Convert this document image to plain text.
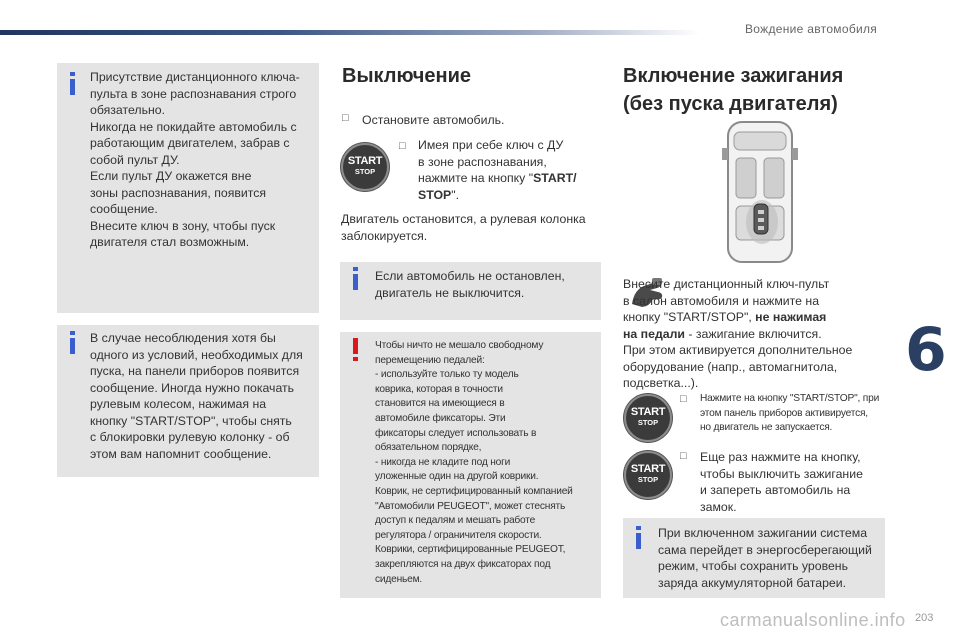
Вождение автомобиля
6
Присутствие дистанционного ключа-
пульта в зоне распознавания строго
обязательно.
Никогда не покидайте автомобиль с
работающим двигателем, забрав с
собой пульт ДУ.
Если пульт ДУ окажется вне
зоны распознавания, появится
сообщение.
Внесите ключ в зону, чтобы пуск
двигателя стал возможным.
В случае несоблюдения хотя бы
одного из условий, необходимых для
пуска, на панели приборов появится
сообщение. Иногда нужно покачать
рулевым колесом, нажимая на
кнопку "START/STOP", чтобы снять
с блокировки рулевую колонку - об
этом вам напомнит сообщение.
Выключение
□ Остановите автомобиль.
START
STOP
□ Имея при себе ключ с ДУ
в зоне распознавания,
нажмите на кнопку "START/
STOP".
Двигатель остановится, а рулевая колонка
заблокируется.
Если автомобиль не остановлен,
двигатель не выключится.
Чтобы ничто не мешало свободному
перемещению педалей:
- используйте только ту модель
коврика, которая в точности
становится на имеющиеся в
автомобиле фиксаторы. Эти
фиксаторы следует использовать в
обязательном порядке,
- никогда не кладите под ноги
уложенные один на другой коврики.
Коврик, не сертифицированный компанией
"Автомобили PEUGEOT", может стеснять
доступ к педалям и мешать работе
регулятора / ограничителя скорости.
Коврики, сертифицированные PEUGEOT,
закрепляются на двух фиксаторах под
сиденьем.
Включение зажигания
(без пуска двигателя)
Внесите дистанционный ключ-пульт
в салон автомобиля и нажмите на
кнопку "START/STOP", не нажимая
на педали - зажигание включится.
При этом активируется дополнительное
оборудование (напр., автомагнитола,
подсветка...).
START
STOP
□ Нажмите на кнопку "START/STOP", при
этом панель приборов активируется,
но двигатель не запускается.
START
STOP
□ Еще раз нажмите на кнопку,
чтобы выключить зажигание
и запереть автомобиль на
замок.
При включенном зажигании система
сама перейдет в энергосберегающий
режим, чтобы сохранить уровень
заряда аккумуляторной батареи.
carmanualsonline.info 203
